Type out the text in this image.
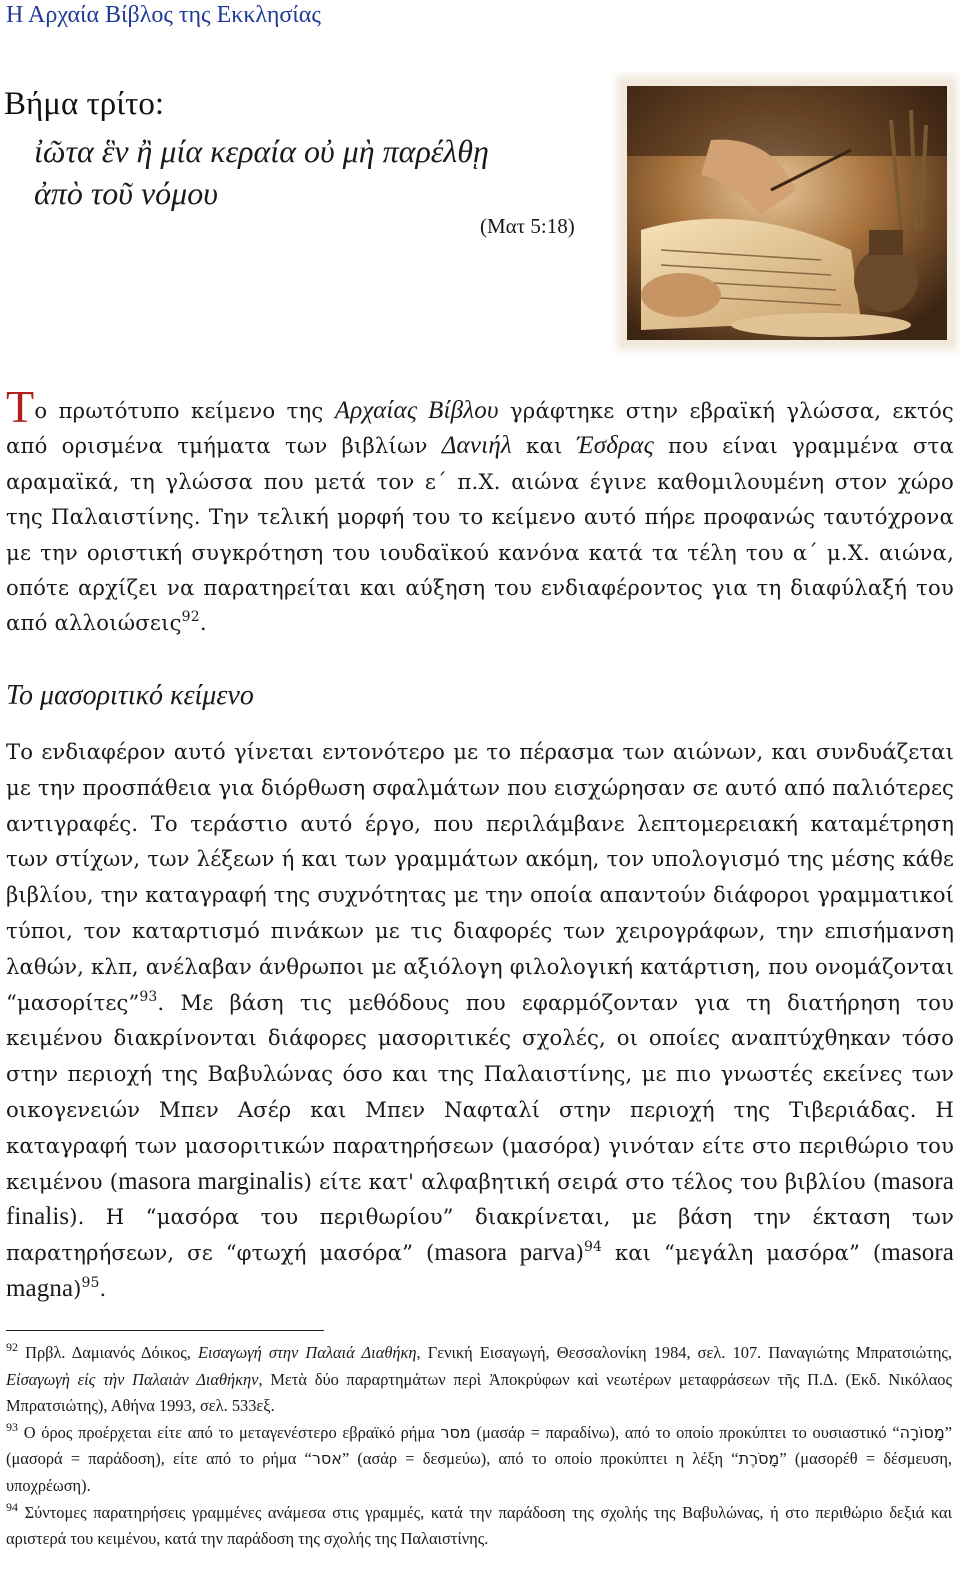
Η Αρχαία Βίβλος της Εκκλησίας
Βήμα τρίτο:
ἰῶτα ἓν ἢ μία κεραία οὐ μὴ παρέλθῃ
ἀπὸ τοῦ νόμου
(Ματ 5:18)
Το πρωτότυπο κείμενο της Αρχαίας Βίβλου γράφτηκε στην εβραϊκή γλώσσα, εκτός από ορισμένα τμήματα των βιβλίων Δανιήλ και Έσδρας που είναι γραμμένα στα αραμαϊκά, τη γλώσσα που μετά τον ε΄ π.Χ. αιώνα έγινε καθομιλουμένη στον χώρο της Παλαιστίνης. Την τελική μορφή του το κείμενο αυτό πήρε προφανώς ταυτόχρονα με την οριστική συγκρότηση του ιουδαϊκού κανόνα κατά τα τέλη του α΄ μ.Χ. αιώνα, οπότε αρχίζει να παρατηρείται και αύξηση του ενδιαφέροντος για τη διαφύλαξή του από αλλοιώσεις$^{92}$.
Το μασοριτικό κείμενο
Το ενδιαφέρον αυτό γίνεται εντονότερο με το πέρασμα των αιώνων, και συνδυάζεται με την προσπάθεια για διόρθωση σφαλμάτων που εισχώρησαν σε αυτό από παλιότερες αντιγραφές. Το τεράστιο αυτό έργο, που περιλάμβανε λεπτομερειακή καταμέτρηση των στίχων, των λέξεων ή και των γραμμάτων ακόμη, τον υπολογισμό της μέσης κάθε βιβλίου, την καταγραφή της συχνότητας με την οποία απαντούν διάφοροι γραμματικοί τύποι, τον καταρτισμό πινάκων με τις διαφορές των χειρογράφων, την επισήμανση λαθών, κλπ, ανέλαβαν άνθρωποι με αξιόλογη φιλολογική κατάρτιση, που ονομάζονται “μασορίτες”$^{93}$. Με βάση τις μεθόδους που εφαρμόζονταν για τη διατήρηση του κειμένου διακρίνονται διάφορες μασοριτικές σχολές, οι οποίες αναπτύχθηκαν τόσο στην περιοχή της Βαβυλώνας όσο και της Παλαιστίνης, με πιο γνωστές εκείνες των οικογενειών Μπεν Ασέρ και Μπεν Ναφταλί στην περιοχή της Τιβεριάδας. Η καταγραφή των μασοριτικών παρατηρήσεων (μασόρα) γινόταν είτε στο περιθώριο του κειμένου (masora marginalis) είτε κατ' αλφαβητική σειρά στο τέλος του βιβλίου (masora finalis). Η “μασόρα του περιθωρίου” διακρίνεται, με βάση την έκταση των παρατηρήσεων, σε “φτωχή μασόρα” (masora parva)$^{94}$ και “μεγάλη μασόρα” (masora magna)$^{95}$.

$^{92}$ Πρβλ. Δαμιανός Δόικος, Εισαγωγή στην Παλαιά Διαθήκη, Γενική Εισαγωγή, Θεσσαλονίκη 1984, σελ. 107. Παναγιώτης Μπρατσιώτης, Εἰσαγωγὴ εἰς τὴν Παλαιὰν Διαθήκην, Μετὰ δύο παραρτημάτων περὶ Ἀποκρύφων καὶ νεωτέρων μεταφράσεων τῆς Π.Δ. (Εκδ. Νικόλαος Μπρατσιώτης), Αθήνα 1993, σελ. 533εξ.

$^{93}$ Ο όρος προέρχεται είτε από το μεταγενέστερο εβραϊκό ρήμα מסר (μασάρ = παραδίνω), από το οποίο προκύπτει το ουσιαστικό “מָסוֹרָה” (μασορά = παράδοση), είτε από το ρήμα “אסר” (ασάρ = δεσμεύω), από το οποίο προκύπτει η λέξη “מָסֹרֶת” (μασορέθ = δέσμευση, υποχρέωση).

$^{94}$ Σύντομες παρατηρήσεις γραμμένες ανάμεσα στις γραμμές, κατά την παράδοση της σχολής της Βαβυλώνας, ή στο περιθώριο δεξιά και αριστερά του κειμένου, κατά την παράδοση της σχολής της Παλαιστίνης.
